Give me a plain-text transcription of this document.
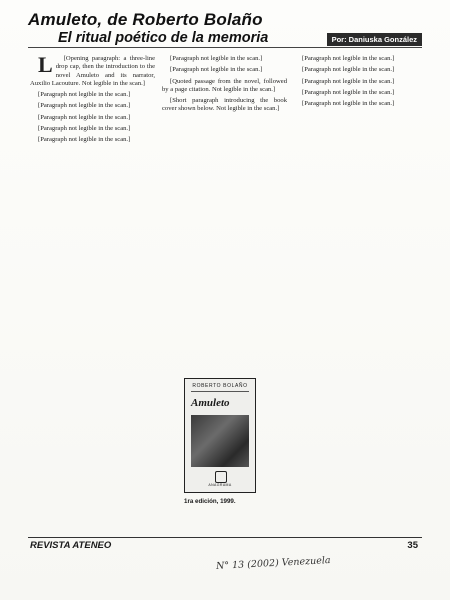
Amuleto, de Roberto Bolaño
El ritual poético de la memoria	Por: Daniuska González

L [Opening paragraph: a three-line drop cap, then the introduction to the novel Amuleto and its narrator, Auxilio Lacouture. Not legible in the scan.]

[Paragraph not legible in the scan.]

[Paragraph not legible in the scan.]

[Paragraph not legible in the scan.]

[Paragraph not legible in the scan.]

[Paragraph not legible in the scan.]

[Paragraph not legible in the scan.]

[Paragraph not legible in the scan.]

[Quoted passage from the novel, followed by a page citation. Not legible in the scan.]

[Short paragraph introducing the book cover shown below. Not legible in the scan.]

ROBERTO BOLAÑO
Amuleto
ANAGRAMA
1ra edición, 1999.

[Paragraph not legible in the scan.]

[Paragraph not legible in the scan.]

[Paragraph not legible in the scan.]

[Paragraph not legible in the scan.]

[Paragraph not legible in the scan.]

REVISTA ATENEO	35
N° 13 (2002) Venezuela
